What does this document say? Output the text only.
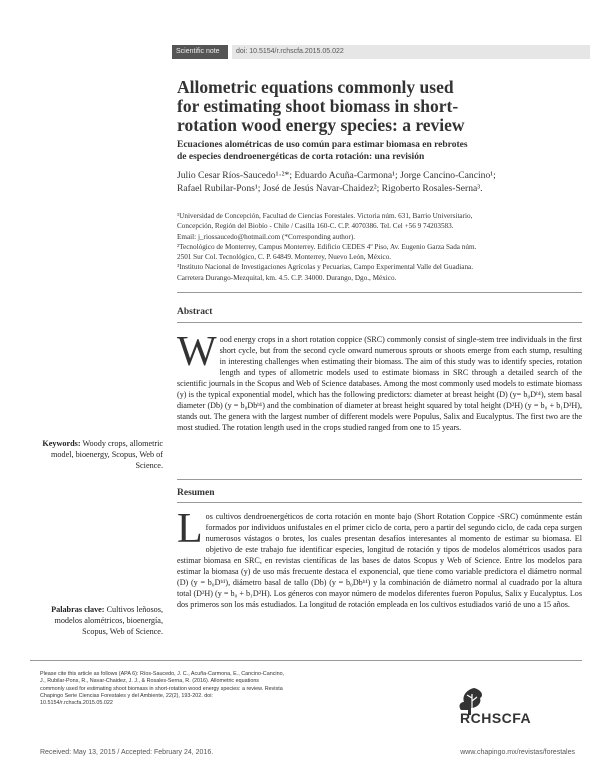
Scientific note	doi: 10.5154/r.rchscfa.2015.05.022
Allometric equations commonly used
for estimating shoot biomass in short-
rotation wood energy species: a review
Ecuaciones alométricas de uso común para estimar biomasa en rebrotes
de especies dendroenergéticas de corta rotación: una revisión
Julio Cesar Ríos-Saucedo¹·²*; Eduardo Acuña-Carmona¹; Jorge Cancino-Cancino¹;
Rafael Rubilar-Pons¹; José de Jesús Navar-Chaidez²; Rigoberto Rosales-Serna³.

¹Universidad de Concepción, Facultad de Ciencias Forestales. Victoria núm. 631, Barrio Universitario,

Concepción, Región del Biobío - Chile / Casilla 160-C. C.P. 4070386. Tel. Cel +56 9 74203583.

Email: j_riossaucedo@hotmail.com (*Corresponding author).

²Tecnológico de Monterrey, Campus Monterrey. Edificio CEDES 4º Piso, Av. Eugenio Garza Sada núm.

2501 Sur Col. Tecnológico, C. P. 64849. Monterrey, Nuevo León, México.

³Instituto Nacional de Investigaciones Agrícolas y Pecuarias, Campo Experimental Valle del Guadiana.

Carretera Durango-Mezquital, km. 4.5. C.P. 34000. Durango, Dgo., México.

Abstract
Wood energy crops in a short rotation coppice (SRC) commonly consist of single-stem tree individuals in the first short cycle, but from the second cycle onward numerous sprouts or shoots emerge from each stump, resulting in interesting challenges when estimating their biomass. The aim of this study was to identify species, rotation length and types of allometric models used to estimate biomass in SRC through a detailed search of the scientific journals in the Scopus and Web of Science databases. Among the most commonly used models to estimate biomass (y) is the typical exponential model, which has the following predictors: diameter at breast height (D) (y= b₀Dᵇ¹), stem basal diameter (Db) (y = b₀Dbᵇ¹) and the combination of diameter at breast height squared by total height (D²H) (y = b₀ + b₁D²H), stands out. The genera with the largest number of different models were Populus, Salix and Eucalyptus. The first two are the most studied. The rotation length used in the crops studied ranged from one to 15 years.
Keywords: Woody crops, allometric model, bioenergy, Scopus, Web of Science.
Resumen
Los cultivos dendroenergéticos de corta rotación en monte bajo (Short Rotation Coppice -SRC) comúnmente están formados por individuos unifustales en el primer ciclo de corta, pero a partir del segundo ciclo, de cada cepa surgen numerosos vástagos o brotes, los cuales presentan desafíos interesantes al momento de estimar su biomasa. El objetivo de este trabajo fue identificar especies, longitud de rotación y tipos de modelos alométricos usados para estimar biomasa en SRC, en revistas científicas de las bases de datos Scopus y Web of Science. Entre los modelos para estimar la biomasa (y) de uso más frecuente destaca el exponencial, que tiene como variable predictora el diámetro normal (D) (y = b₀Dᵇ¹), diámetro basal de tallo (Db) (y = b₀Dbᵇ¹) y la combinación de diámetro normal al cuadrado por la altura total (D²H) (y = b₀ + b₁D²H). Los géneros con mayor número de modelos diferentes fueron Populus, Salix y Eucalyptus. Los dos primeros son los más estudiados. La longitud de rotación empleada en los cultivos estudiados varió de uno a 15 años.
Palabras clave: Cultivos leñosos, modelos alométricos, bioenergía, Scopus, Web of Science.
Please cite this article as follows (APA 6): Ríos-Saucedo, J. C., Acuña-Carmona, E., Cancino-Cancino, J., Rubilar-Pons, R., Navar-Chaidez, J. J., & Rosales-Serna, R. (2016). Allometric equations commonly used for estimating shoot biomass in short-rotation wood energy species: a review. Revista Chapingo Serie Ciencias Forestales y del Ambiente, 22(2), 193-202. doi: 10.5154/r.rchscfa.2015.05.022
RCHSCFA
Received: May 13, 2015 / Accepted: February 24, 2016.	www.chapingo.mx/revistas/forestales
